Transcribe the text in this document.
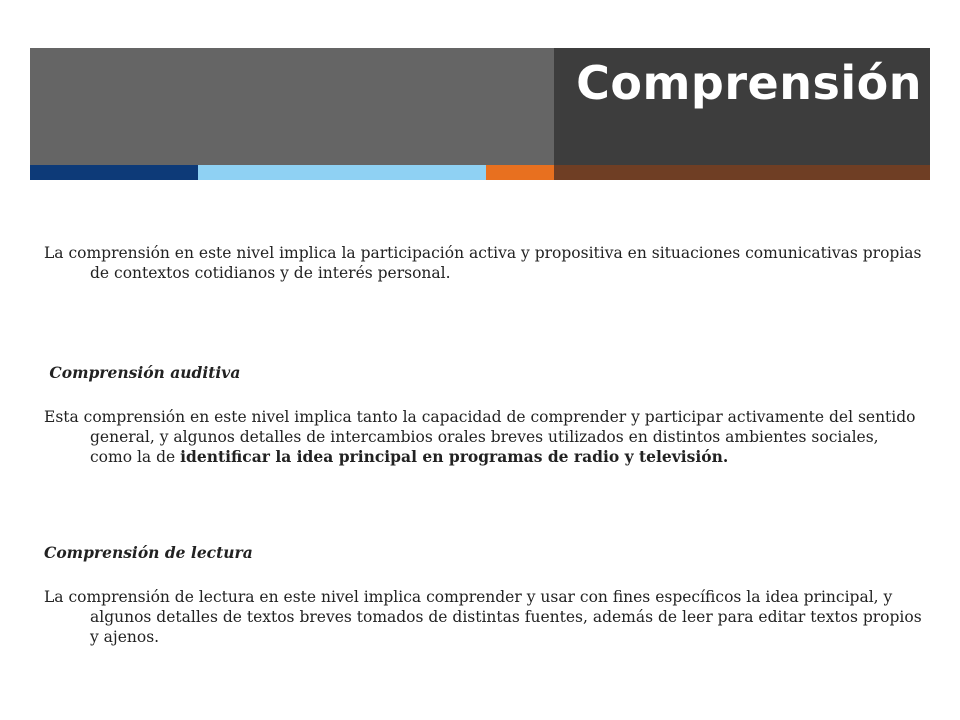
Comprensión

La comprensión en este nivel implica la participación activa y propositiva en situaciones comunicativas propias de contextos cotidianos y de interés personal.

Comprensión auditiva

Esta comprensión en este nivel implica tanto la capacidad de comprender y participar activamente del sentido general, y algunos detalles de intercambios orales breves utilizados en distintos ambientes sociales, como la de identificar la idea principal en programas de radio y televisión.

Comprensión de lectura

La comprensión de lectura en este nivel implica comprender y usar con fines específicos la idea principal, y algunos detalles de textos breves tomados de distintas fuentes, además de leer para editar textos propios y ajenos.
